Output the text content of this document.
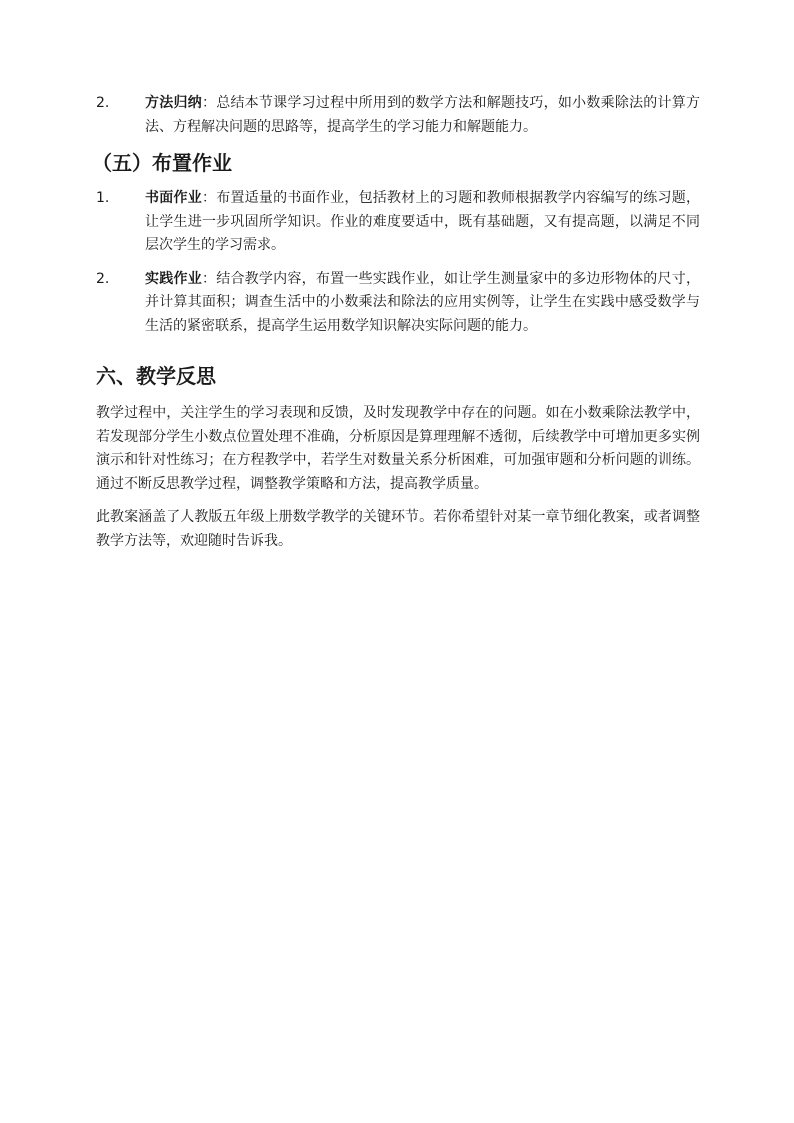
2.	方法归纳：总结本节课学习过程中所用到的数学方法和解题技巧，如小数乘除法的计算方法、方程解决问题的思路等，提高学生的学习能力和解题能力。
（五）布置作业
1.	书面作业：布置适量的书面作业，包括教材上的习题和教师根据教学内容编写的练习题，让学生进一步巩固所学知识。作业的难度要适中，既有基础题，又有提高题，以满足不同层次学生的学习需求。
2.	实践作业：结合教学内容，布置一些实践作业，如让学生测量家中的多边形物体的尺寸，并计算其面积；调查生活中的小数乘法和除法的应用实例等，让学生在实践中感受数学与生活的紧密联系，提高学生运用数学知识解决实际问题的能力。
六、教学反思

教学过程中，关注学生的学习表现和反馈，及时发现教学中存在的问题。如在小数乘除法教学中，若发现部分学生小数点位置处理不准确，分析原因是算理理解不透彻，后续教学中可增加更多实例演示和针对性练习；在方程教学中，若学生对数量关系分析困难，可加强审题和分析问题的训练。通过不断反思教学过程，调整教学策略和方法，提高教学质量。

此教案涵盖了人教版五年级上册数学教学的关键环节。若你希望针对某一章节细化教案，或者调整教学方法等，欢迎随时告诉我。
